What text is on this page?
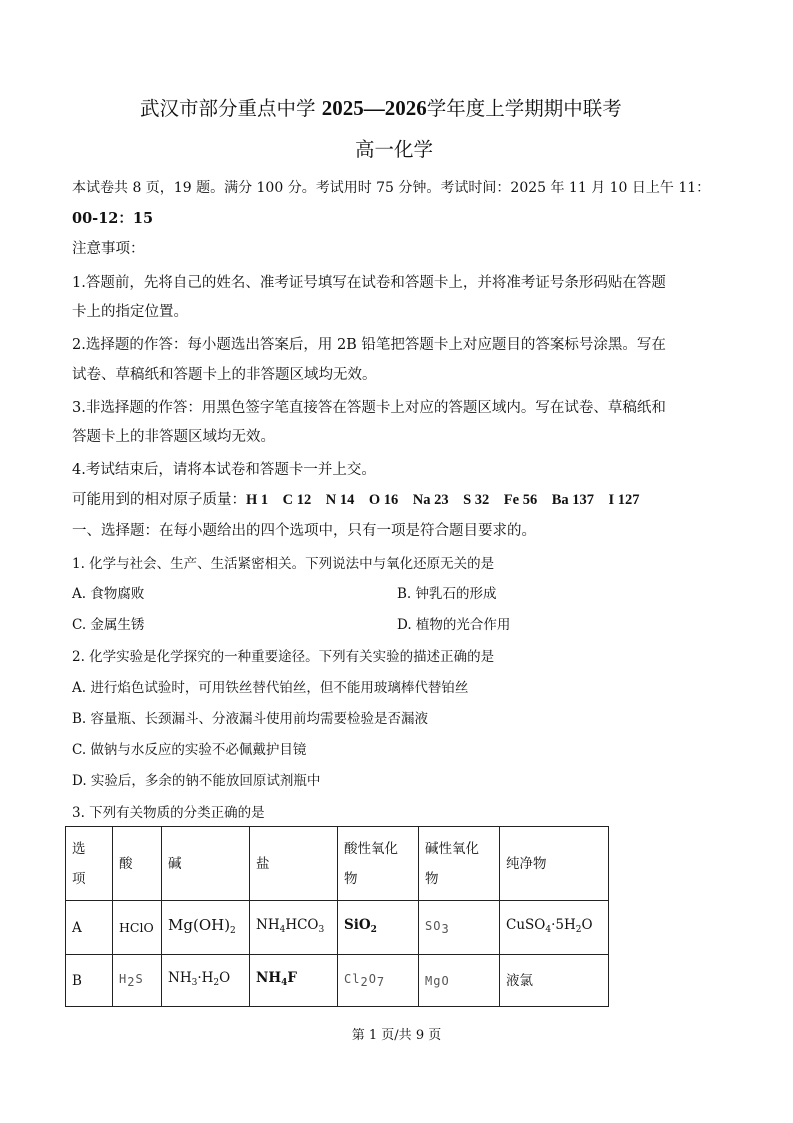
武汉市部分重点中学 2025—2026学年度上学期期中联考
高一化学
本试卷共 8 页，19 题。满分 100 分。考试用时 75 分钟。考试时间：2025 年 11 月 10 日上午 11：
00-12：15
注意事项：
1.答题前，先将自己的姓名、准考证号填写在试卷和答题卡上，并将准考证号条形码贴在答题
卡上的指定位置。
2.选择题的作答：每小题选出答案后，用 2B 铅笔把答题卡上对应题目的答案标号涂黑。写在
试卷、草稿纸和答题卡上的非答题区域均无效。
3.非选择题的作答：用黑色签字笔直接答在答题卡上对应的答题区域内。写在试卷、草稿纸和
答题卡上的非答题区域均无效。
4.考试结束后，请将本试卷和答题卡一并上交。
可能用到的相对原子质量：H 1    C 12    N 14    O 16    Na 23    S 32    Fe 56    Ba 137    I 127
一、选择题：在每小题给出的四个选项中，只有一项是符合题目要求的。
1. 化学与社会、生产、生活紧密相关。下列说法中与氧化还原无关的是
A. 食物腐败	B. 钟乳石的形成
C. 金属生锈	D. 植物的光合作用
2. 化学实验是化学探究的一种重要途径。下列有关实验的描述正确的是
A. 进行焰色试验时，可用铁丝替代铂丝，但不能用玻璃棒代替铂丝
B. 容量瓶、长颈漏斗、分液漏斗使用前均需要检验是否漏液
C. 做钠与水反应的实验不必佩戴护目镜
D. 实验后，多余的钠不能放回原试剂瓶中
3. 下列有关物质的分类正确的是
选项	酸	碱	盐	酸性氧化物	碱性氧化物	纯净物
A	HClO	$Mg(OH)_2$	$NH_4HCO_3$	SiO$_2$	$SO_3$	$CuSO_4\cdot 5H_2O$
B	$H_2S$	$NH_3\cdot H_2O$	$NH_4F$	$Cl_2O_7$	MgO	液氯
第 1 页/共 9 页
